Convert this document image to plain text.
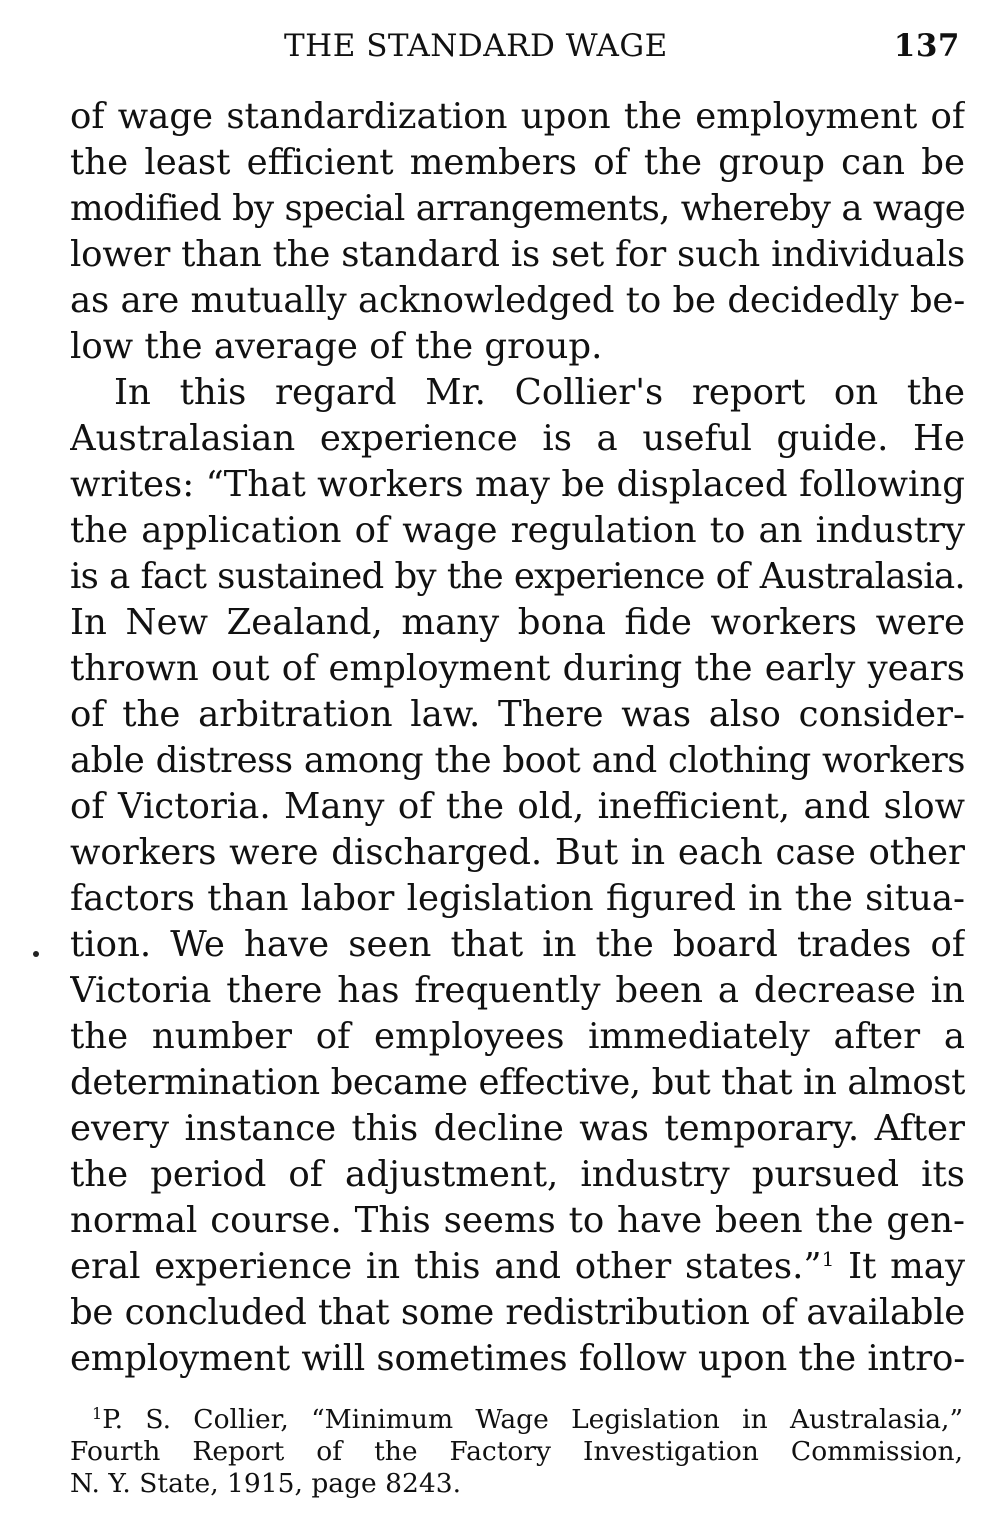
THE STANDARD WAGE	137
of wage standardization upon the employment of
the least efficient members of the group can be
modified by special arrangements, whereby a wage
lower than the standard is set for such individuals
as are mutually acknowledged to be decidedly be-
low the average of the group.
In this regard Mr. Collier's report on the
Australasian experience is a useful guide. He
writes: “That workers may be displaced following
the application of wage regulation to an industry
is a fact sustained by the experience of Australasia.
In New Zealand, many bona fide workers were
thrown out of employment during the early years
of the arbitration law. There was also consider-
able distress among the boot and clothing workers
of Victoria. Many of the old, inefficient, and slow
workers were discharged. But in each case other
factors than labor legislation figured in the situa-
tion. We have seen that in the board trades of
Victoria there has frequently been a decrease in
the number of employees immediately after a
determination became effective, but that in almost
every instance this decline was temporary. After
the period of adjustment, industry pursued its
normal course. This seems to have been the gen-
eral experience in this and other states.”$^1$ It may
be concluded that some redistribution of available
employment will sometimes follow upon the intro-
$^1$P. S. Collier, “Minimum Wage Legislation in Australasia,”
Fourth Report of the Factory Investigation Commission,
N. Y. State, 1915, page 8243.
